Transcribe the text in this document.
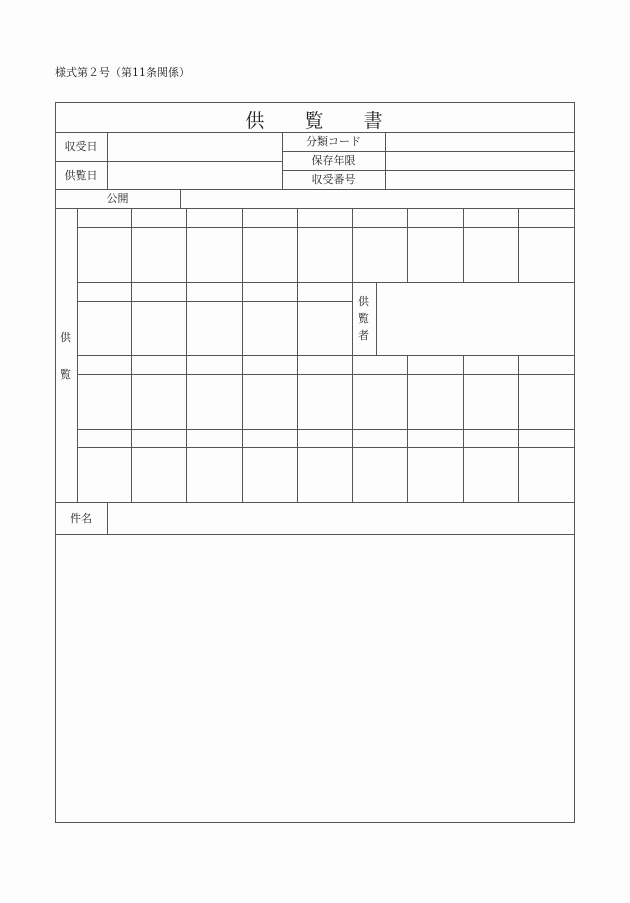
様式第２号（第11条関係）
供 覧 書
収受日
供覧日
分類コード
保存年限
収受番号
公開
供
覧
供
覧
者
件名
